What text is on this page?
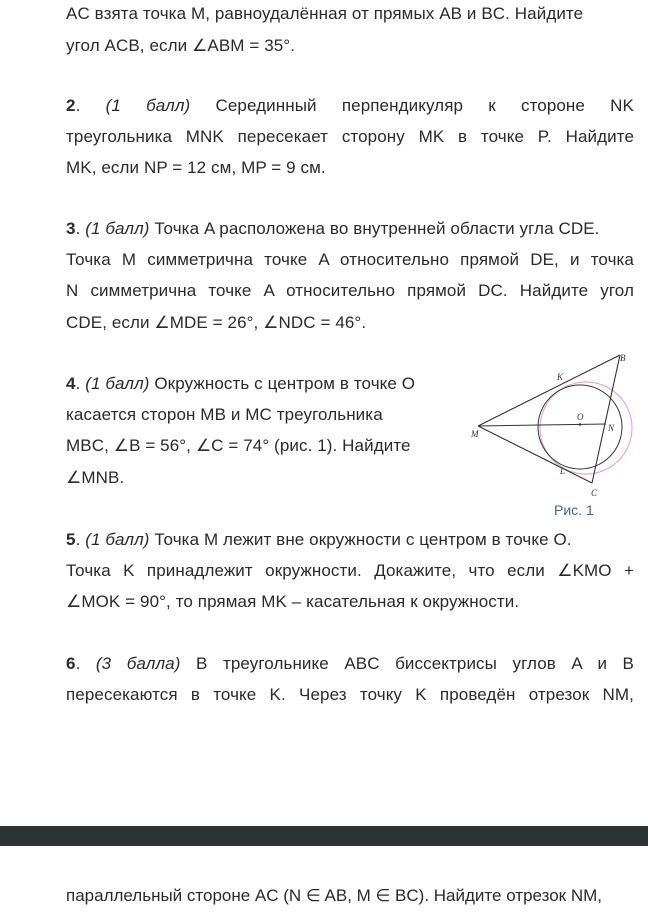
AC взята точка M, равноудалённая от прямых AB и BC. Найдите
угол ACB, если ∠ABM = 35°.
2. (1 балл) Серединный перпендикуляр к стороне NK
треугольника MNK пересекает сторону MK в точке P. Найдите
MK, если NP = 12 см, MP = 9 см.
3. (1 балл) Точка A расположена во внутренней области угла CDE.
Точка M симметрична точке A относительно прямой DE, и точка
N симметрична точке A относительно прямой DC. Найдите угол
CDE, если ∠MDE = 26°, ∠NDC = 46°.
4. (1 балл) Окружность с центром в точке O
касается сторон MB и MC треугольника
MBC, ∠B = 56°, ∠C = 74° (рис. 1). Найдите
∠MNB.
M
K
B
O
N
L
C
Рис. 1
5. (1 балл) Точка M лежит вне окружности с центром в точке O.
Точка K принадлежит окружности. Докажите, что если ∠KMO +
∠MOK = 90°, то прямая MK – касательная к окружности.
6. (3 балла) В треугольнике ABC биссектрисы углов A и B
пересекаются в точке K. Через точку K проведён отрезок NM,
параллельный стороне AC (N ∈ AB, M ∈ BC). Найдите отрезок NM,
